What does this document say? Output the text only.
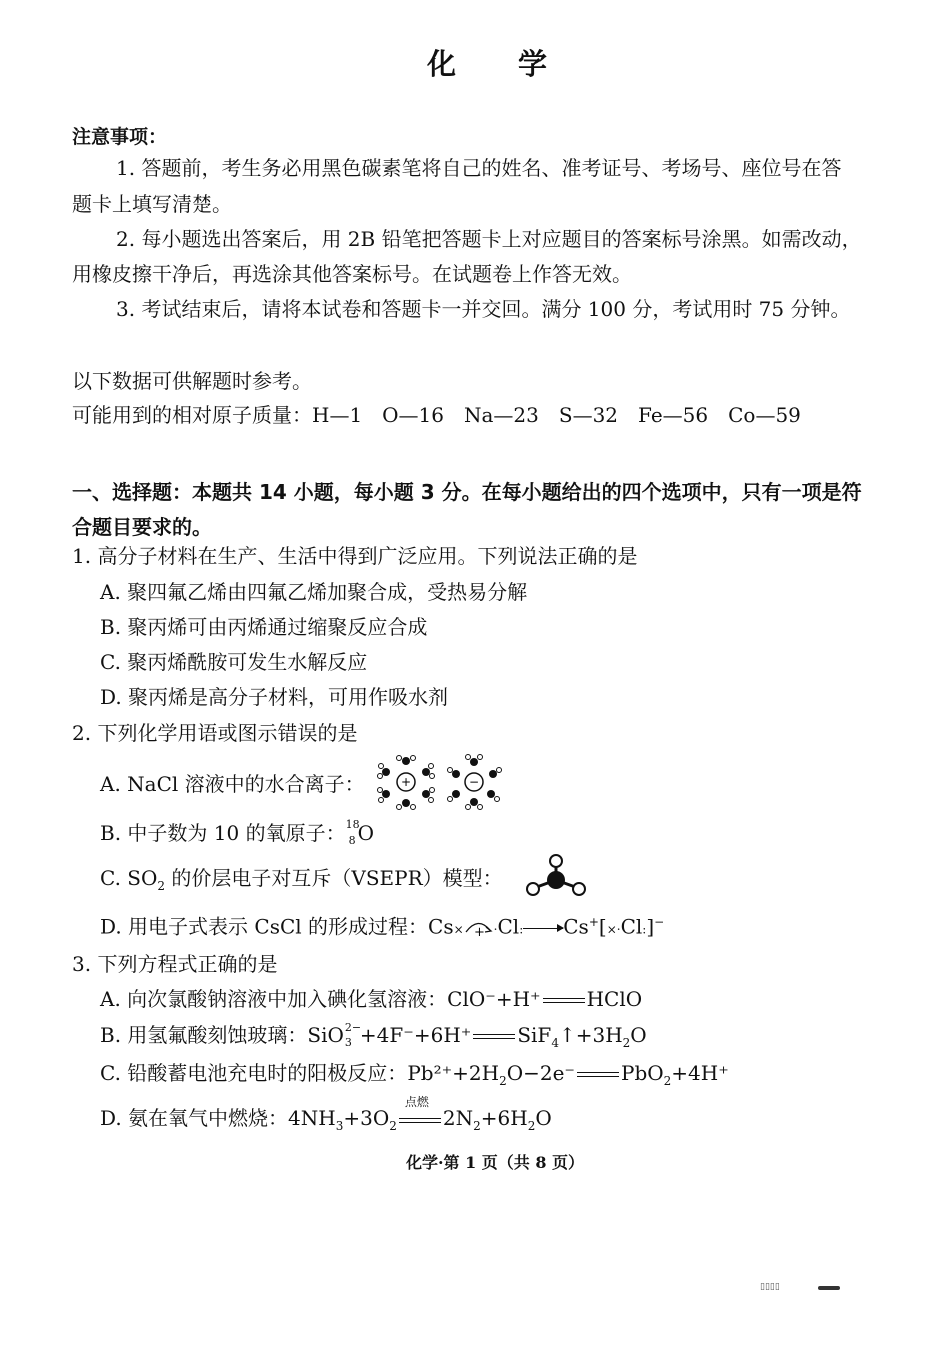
化 学
注意事项：
1. 答题前，考生务必用黑色碳素笔将自己的姓名、准考证号、考场号、座位号在答
题卡上填写清楚。
2. 每小题选出答案后，用 2B 铅笔把答题卡上对应题目的答案标号涂黑。如需改动，
用橡皮擦干净后，再选涂其他答案标号。在试题卷上作答无效。
3. 考试结束后，请将本试卷和答题卡一并交回。满分 100 分，考试用时 75 分钟。
以下数据可供解题时参考。
可能用到的相对原子质量：H—1　O—16　Na—23　S—32　Fe—56　Co—59
一、选择题：本题共 14 小题，每小题 3 分。在每小题给出的四个选项中，只有一项是符
合题目要求的。
1. 高分子材料在生产、生活中得到广泛应用。下列说法正确的是
A. 聚四氟乙烯由四氟乙烯加聚合成，受热易分解
B. 聚丙烯可由丙烯通过缩聚反应合成
C. 聚丙烯酰胺可发生水解反应
D. 聚丙烯是高分子材料，可用作吸水剂
2. 下列化学用语或图示错误的是
A. NaCl 溶液中的水合离子：	+	−
B. 中子数为 10 的氧原子： 18
8 O
C. $SO_2$ 的价层电子对互斥（VSEPR）模型：
D. 用电子式表示 CsCl 的形成过程：Cs× + ·Cl:→Cs+[×·Cl:]−
3. 下列方程式正确的是
A. 向次氯酸钠溶液中加入碘化氢溶液：ClO⁻+H⁺ HClO
B. 用氢氟酸刻蚀玻璃：SiO 2−
3 +4F⁻+6H⁺ $SiF_4↑+3H_2O$
C. 铅酸蓄电池充电时的阳极反应：$Pb^{2+}+2H_2O-2e^-$ PbO$_2$+4H⁺
D. 氨在氧气中燃烧：$4NH_3+3O_2$
点燃
$2N_2+6H_2O$
化学·第 1 页（共 8 页）
▯▯▯▯
